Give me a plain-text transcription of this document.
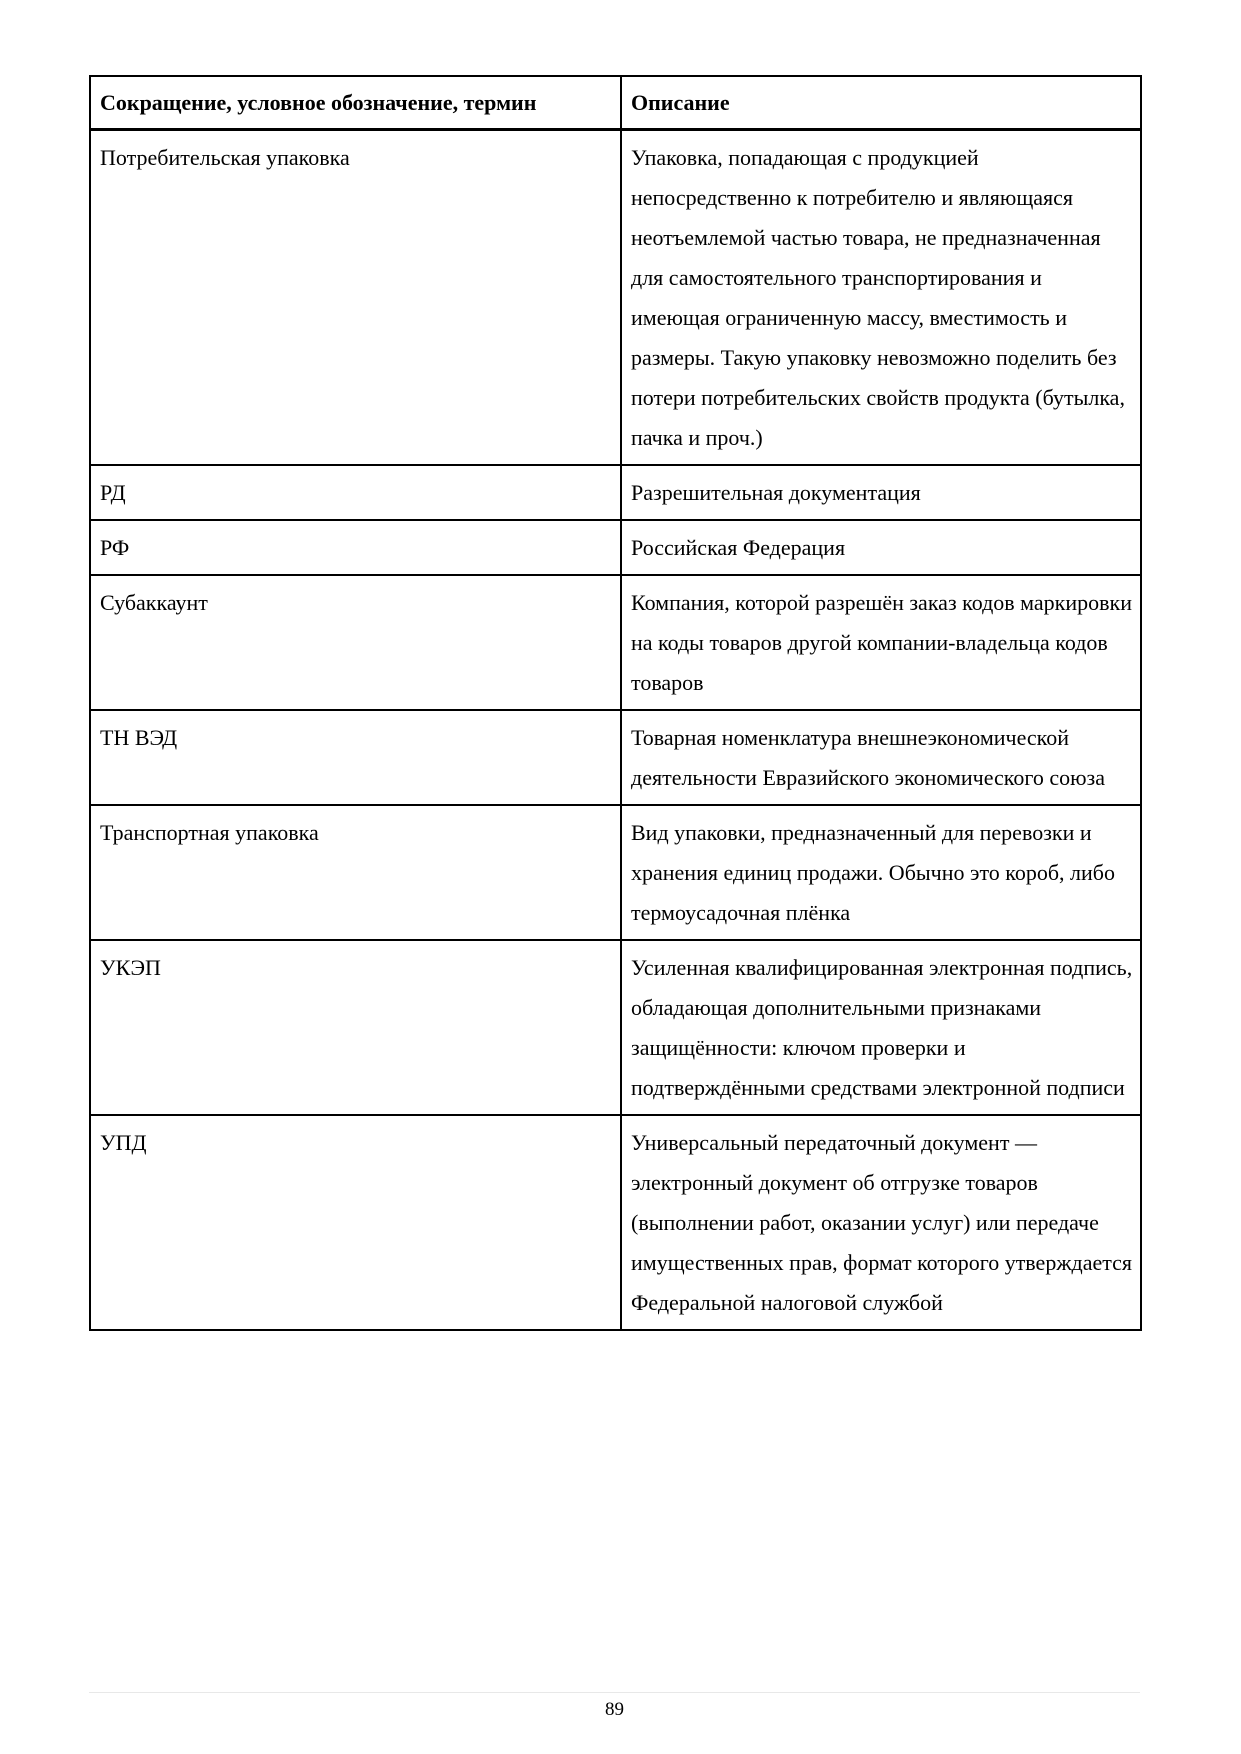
Сокращение, условное обозначение, термин	Описание
Потребительская упаковка	Упаковка, попадающая с продукцией непосредственно к потребителю и являющаяся неотъемлемой частью товара, не предназначенная для самостоятельного транспортирования и имеющая ограниченную массу, вместимость и размеры. Такую упаковку невозможно поделить без потери потребительских свойств продукта (бутылка, пачка и проч.)
РД	Разрешительная документация
РФ	Российская Федерация
Субаккаунт	Компания, которой разрешён заказ кодов маркировки на коды товаров другой компании-владельца кодов товаров
ТН ВЭД	Товарная номенклатура внешнеэкономической деятельности Евразийского экономического союза
Транспортная упаковка	Вид упаковки, предназначенный для перевозки и хранения единиц продажи. Обычно это короб, либо термоусадочная плёнка
УКЭП	Усиленная квалифицированная электронная подпись, обладающая дополнительными признаками защищённости: ключом проверки и подтверждёнными средствами электронной подписи
УПД	Универсальный передаточный документ — электронный документ об отгрузке товаров (выполнении работ, оказании услуг) или передаче имущественных прав, формат которого утверждается Федеральной налоговой службой
89
